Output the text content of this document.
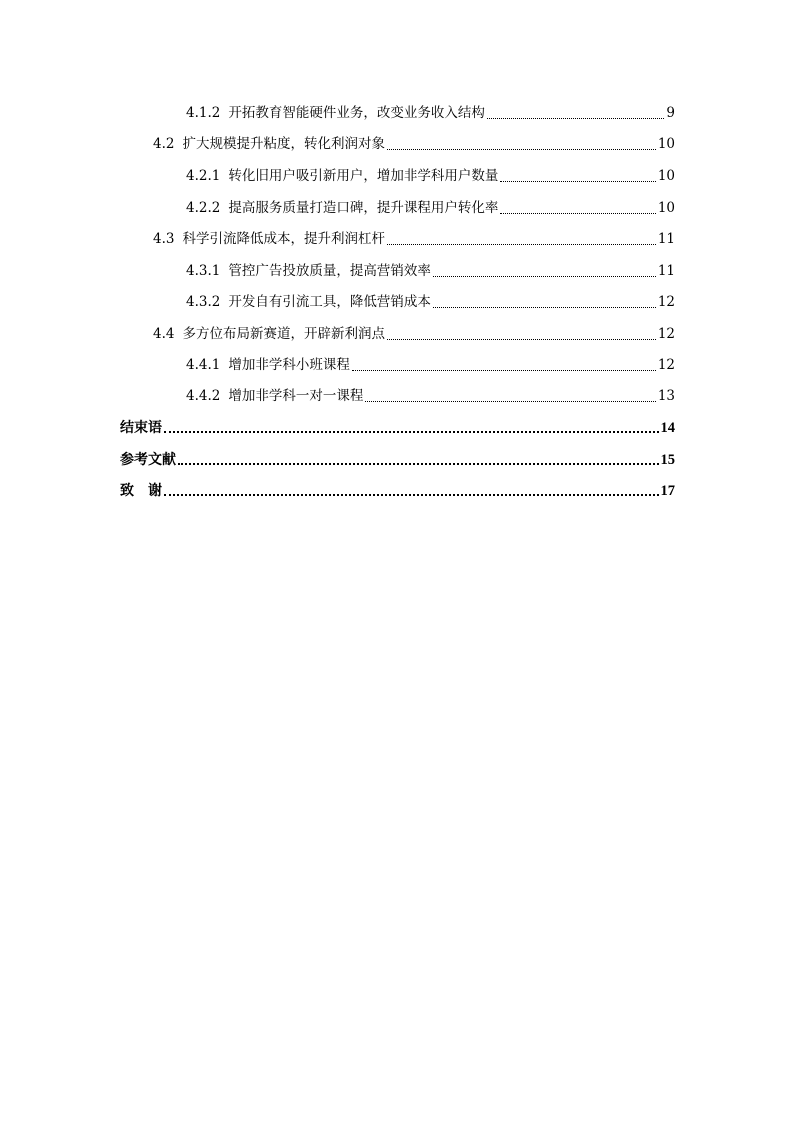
4.1.2 开拓教育智能硬件业务，改变业务收入结构	9
4.2 扩大规模提升粘度，转化利润对象	10
4.2.1 转化旧用户吸引新用户，增加非学科用户数量	10
4.2.2 提高服务质量打造口碑，提升课程用户转化率	10
4.3 科学引流降低成本，提升利润杠杆	11
4.3.1 管控广告投放质量，提高营销效率	11
4.3.2 开发自有引流工具，降低营销成本	12
4.4 多方位布局新赛道，开辟新利润点	12
4.4.1 增加非学科小班课程	12
4.4.2 增加非学科一对一课程	13
结束语	14
参考文献	15
致　谢	17
